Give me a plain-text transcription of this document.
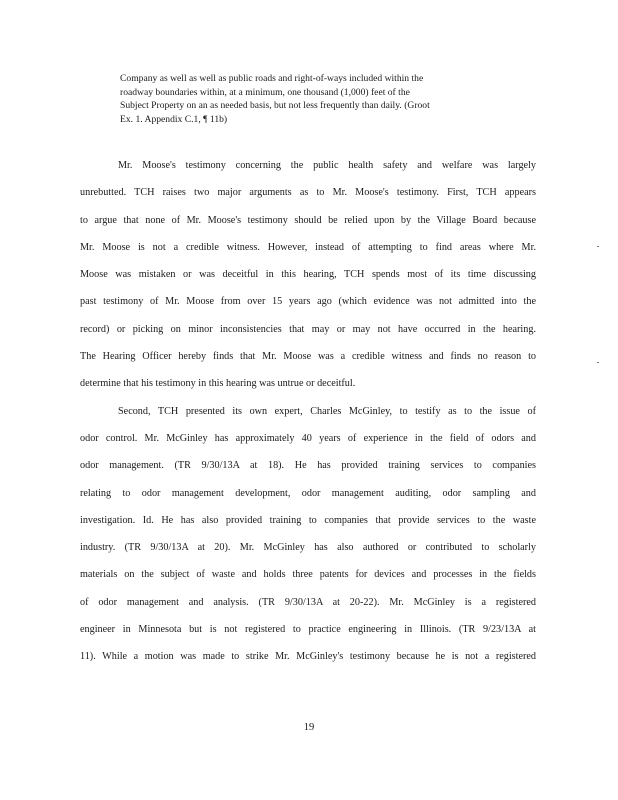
Company as well as well as public roads and right-of-ways included within the
roadway boundaries within, at a minimum, one thousand (1,000) feet of the
Subject Property on an as needed basis, but not less frequently than daily. (Groot
Ex. 1. Appendix C.1, ¶ 11b)
Mr. Moose's testimony concerning the public health safety and welfare was largely
unrebutted. TCH raises two major arguments as to Mr. Moose's testimony. First, TCH appears
to argue that none of Mr. Moose's testimony should be relied upon by the Village Board because
Mr. Moose is not a credible witness. However, instead of attempting to find areas where Mr.
Moose was mistaken or was deceitful in this hearing, TCH spends most of its time discussing
past testimony of Mr. Moose from over 15 years ago (which evidence was not admitted into the
record) or picking on minor inconsistencies that may or may not have occurred in the hearing.
The Hearing Officer hereby finds that Mr. Moose was a credible witness and finds no reason to
determine that his testimony in this hearing was untrue or deceitful.
Second, TCH presented its own expert, Charles McGinley, to testify as to the issue of
odor control. Mr. McGinley has approximately 40 years of experience in the field of odors and
odor management. (TR 9/30/13A at 18). He has provided training services to companies
relating to odor management development, odor management auditing, odor sampling and
investigation. Id. He has also provided training to companies that provide services to the waste
industry. (TR 9/30/13A at 20). Mr. McGinley has also authored or contributed to scholarly
materials on the subject of waste and holds three patents for devices and processes in the fields
of odor management and analysis. (TR 9/30/13A at 20-22). Mr. McGinley is a registered
engineer in Minnesota but is not registered to practice engineering in Illinois. (TR 9/23/13A at
11). While a motion was made to strike Mr. McGinley's testimony because he is not a registered
19
